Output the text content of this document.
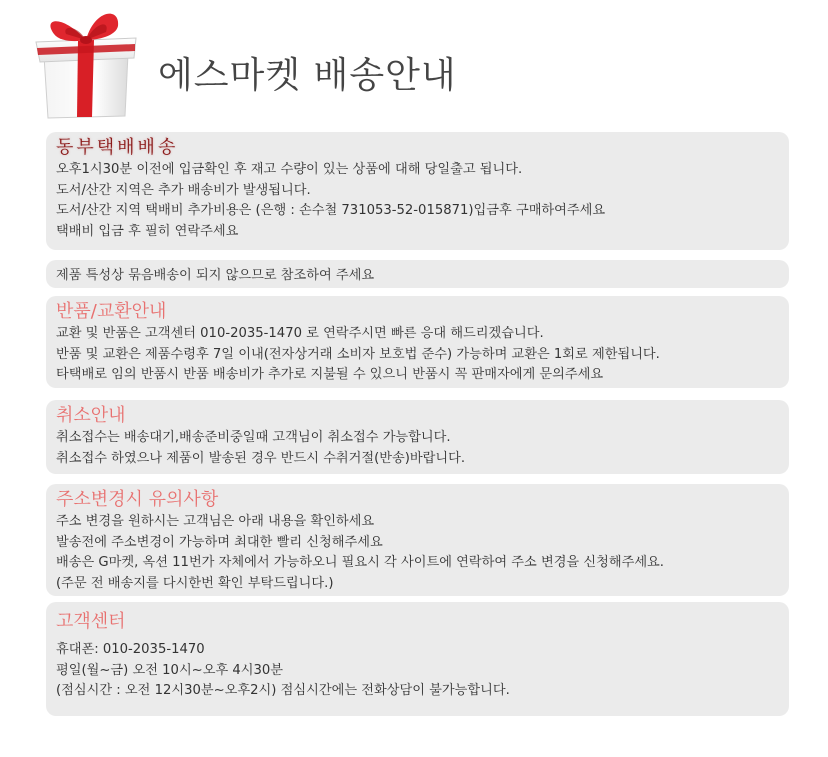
에스마켓 배송안내
동부택배배송
오후1시30분 이전에 입금확인 후 재고 수량이 있는 상품에 대해 당일출고 됩니다.
도서/산간 지역은 추가 배송비가 발생됩니다.
도서/산간 지역 택배비 추가비용은 (은행 : 손수철 731053-52-015871)입금후 구매하여주세요
택배비 입금 후 필히 연락주세요
제품 특성상 묶음배송이 되지 않으므로 참조하여 주세요
반품/교환안내
교환 및 반품은 고객센터 010-2035-1470 로 연락주시면 빠른 응대 해드리겠습니다.
반품 및 교환은 제품수령후 7일 이내(전자상거래 소비자 보호법 준수) 가능하며 교환은 1회로 제한됩니다.
타택배로 임의 반품시 반품 배송비가 추가로 지불될 수 있으니 반품시 꼭 판매자에게 문의주세요
취소안내
취소접수는 배송대기,배송준비중일때 고객님이 취소접수 가능합니다.
취소접수 하였으나 제품이 발송된 경우 반드시 수취거절(반송)바랍니다.
주소변경시 유의사항
주소 변경을 원하시는 고객님은 아래 내용을 확인하세요
발송전에 주소변경이 가능하며 최대한 빨리 신청해주세요
배송은 G마켓, 옥션 11번가 자체에서 가능하오니 필요시 각 사이트에 연락하여 주소 변경을 신청해주세요.
(주문 전 배송지를 다시한번 확인 부탁드립니다.)
고객센터
휴대폰: 010-2035-1470
평일(월~금) 오전 10시~오후 4시30분
(점심시간 : 오전 12시30분~오후2시) 점심시간에는 전화상담이 불가능합니다.
